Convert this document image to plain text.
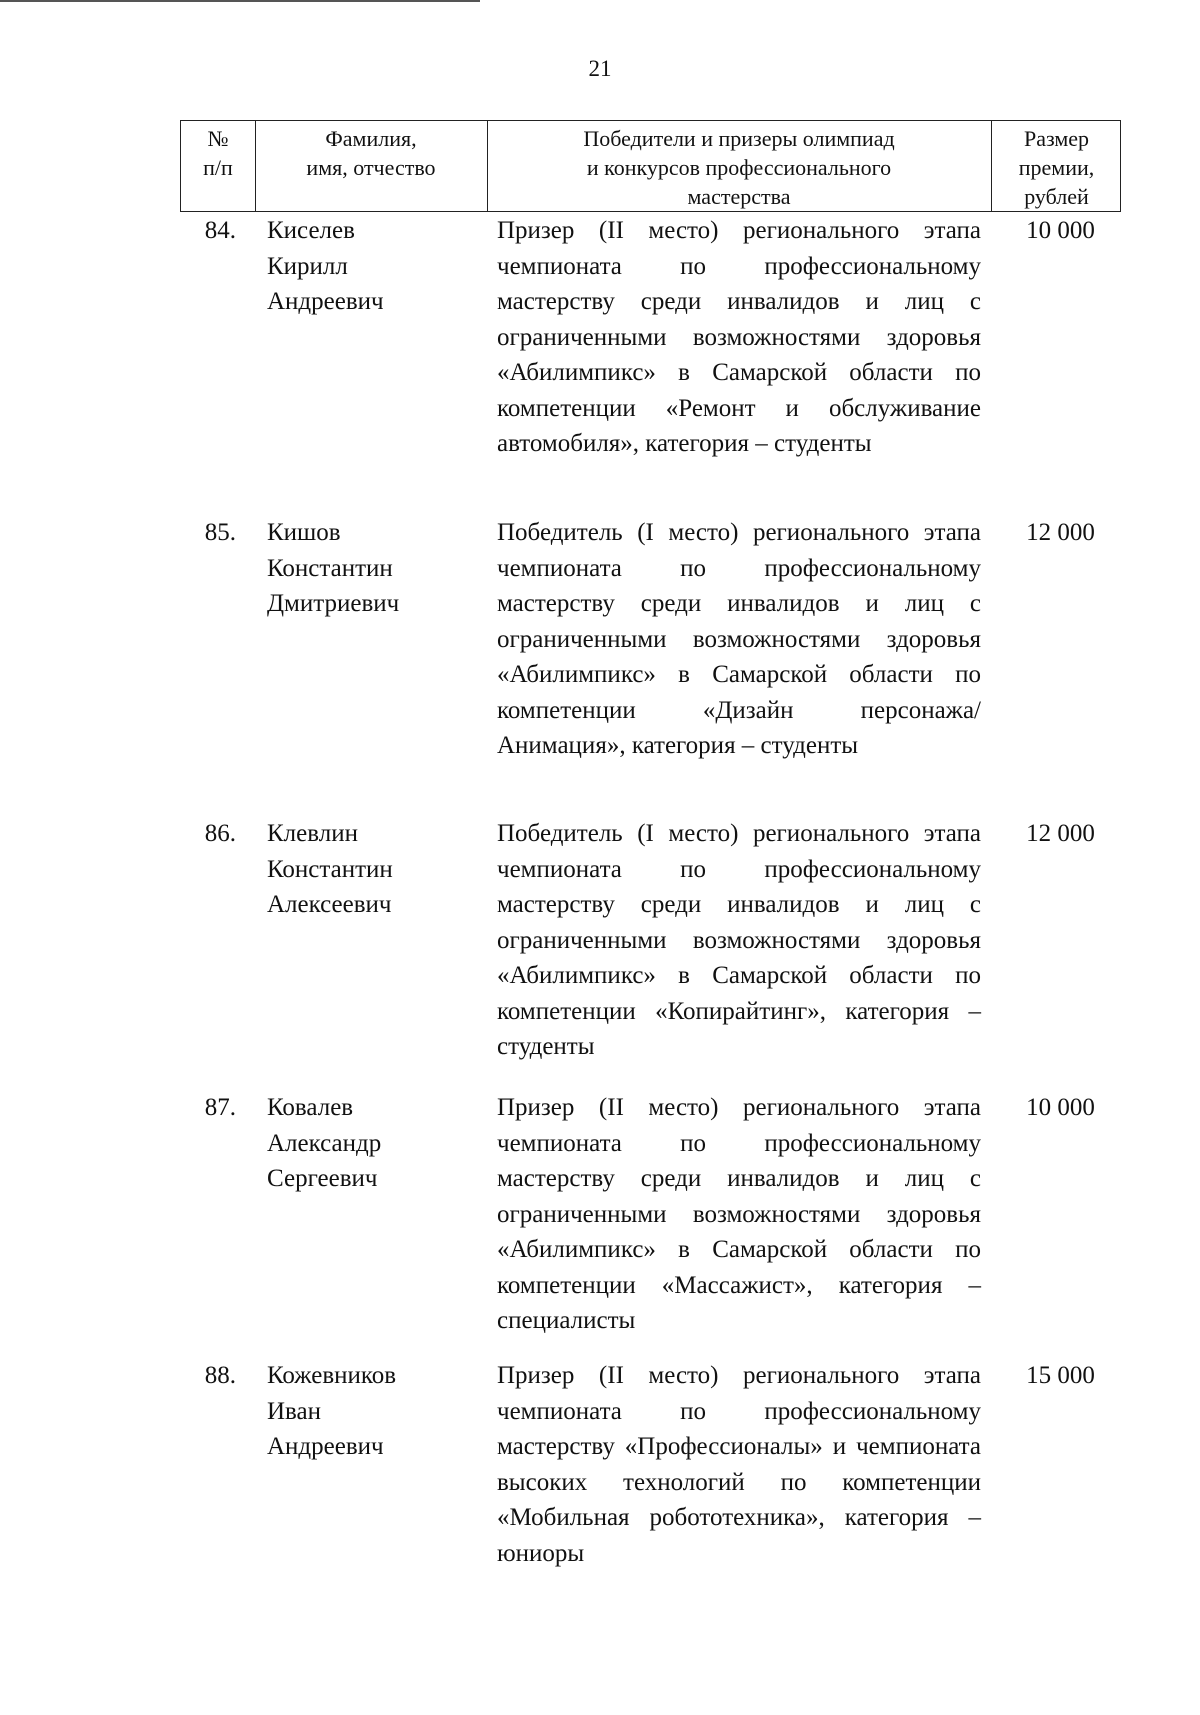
21
№
п/п
Фамилия,
имя, отчество
Победители и призеры олимпиад
и конкурсов профессионального
мастерства
Размер
премии,
рублей
84. Киселев
Кирилл
Андреевич
Призер (II место) регионального этапа чемпионата по профессиональному мастерству среди инвалидов и лиц с ограниченными возможностями здоровья «Абилимпикс» в Самарской области по компетенции «Ремонт и обслуживание автомобиля», категория – студенты
10 000
85. Кишов
Константин
Дмитриевич
Победитель (I место) регионального этапа чемпионата по профессиональному мастерству среди инвалидов и лиц с ограниченными возможностями здоровья «Абилимпикс» в Самарской области по компетенции «Дизайн персонажа/Анимация», категория – студенты
12 000
86. Клевлин
Константин
Алексеевич
Победитель (I место) регионального этапа чемпионата по профессиональному мастерству среди инвалидов и лиц с ограниченными возможностями здоровья «Абилимпикс» в Самарской области по компетенции «Копирайтинг», категория – студенты
12 000
87. Ковалев
Александр
Сергеевич
Призер (II место) регионального этапа чемпионата по профессиональному мастерству среди инвалидов и лиц с ограниченными возможностями здоровья «Абилимпикс» в Самарской области по компетенции «Массажист», категория – специалисты
10 000
88. Кожевников
Иван
Андреевич
Призер (II место) регионального этапа чемпионата по профессиональному мастерству «Профессионалы» и чемпионата высоких технологий по компетенции «Мобильная робототехника», категория – юниоры
15 000
